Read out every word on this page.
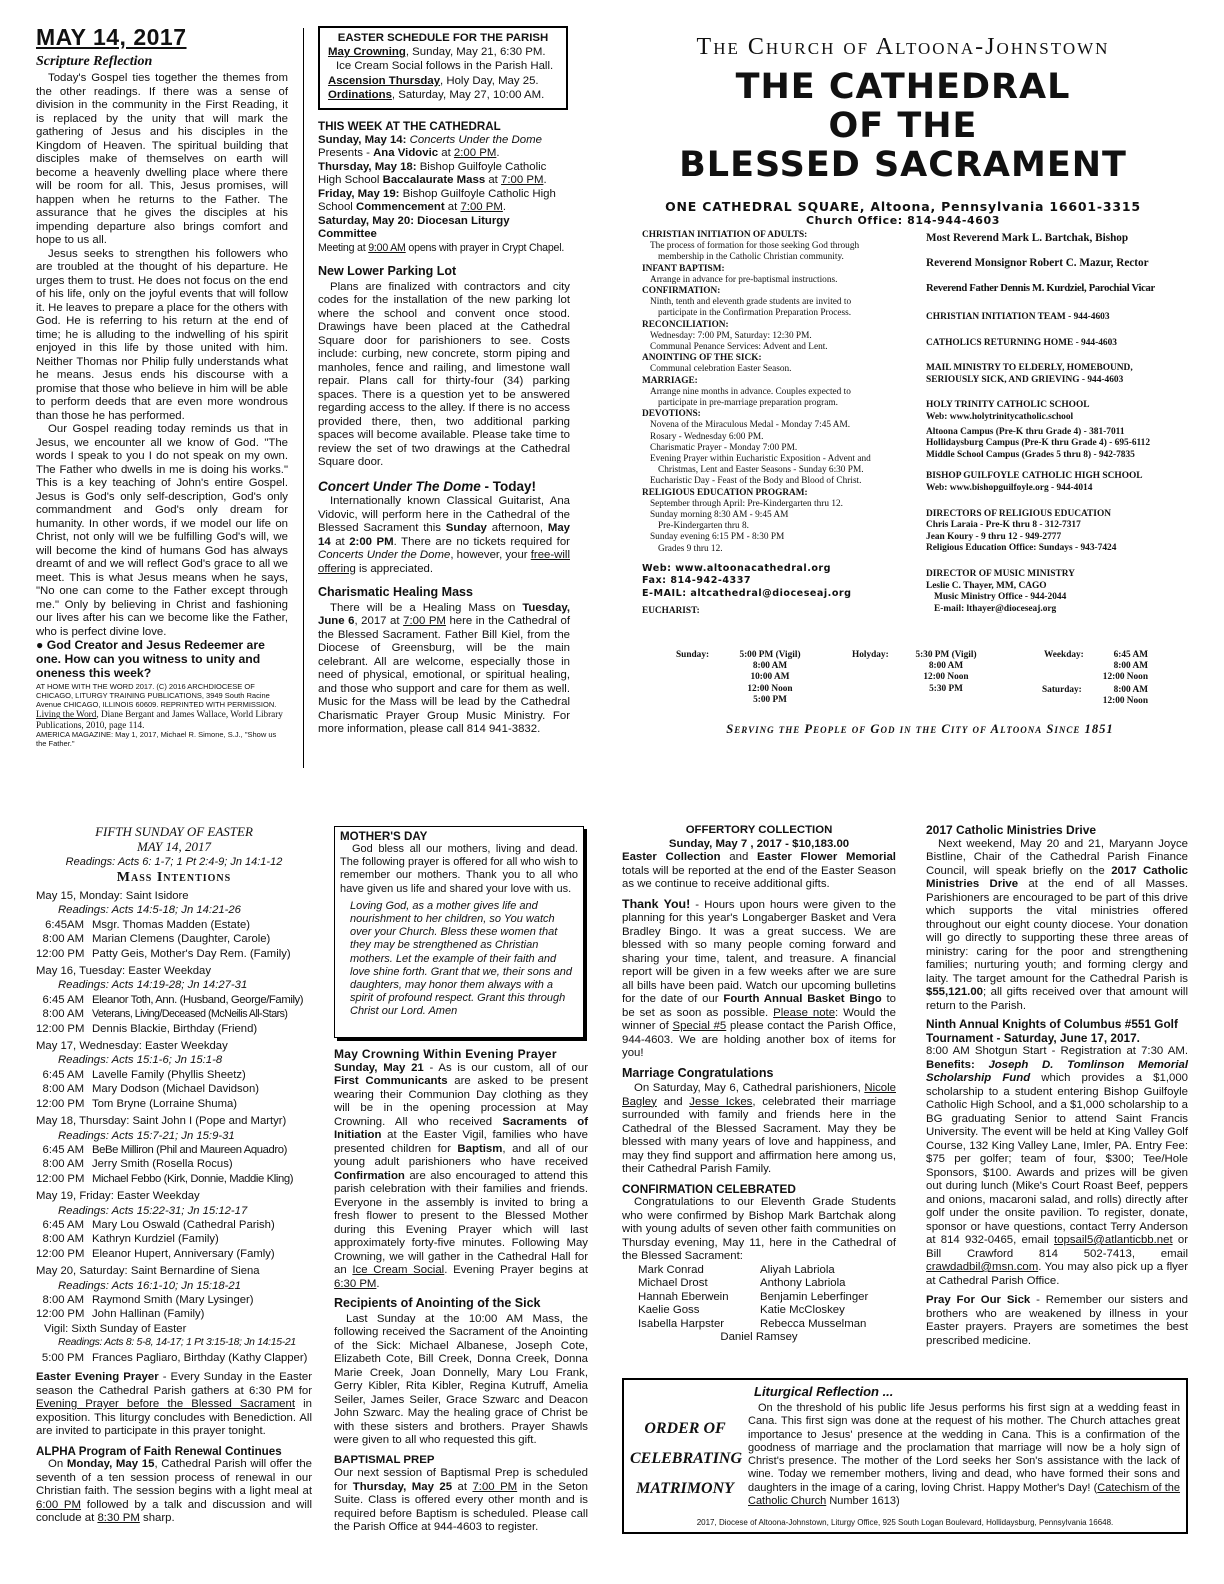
MAY 14, 2017
Scripture Reflection

Today's Gospel ties together the themes from the other readings. If there was a sense of division in the community in the First Reading, it is replaced by the unity that will mark the gathering of Jesus and his disciples in the Kingdom of Heaven. The spiritual building that disciples make of themselves on earth will become a heavenly dwelling place where there will be room for all. This, Jesus promises, will happen when he returns to the Father. The assurance that he gives the disciples at his impending departure also brings comfort and hope to us all.

Jesus seeks to strengthen his followers who are troubled at the thought of his departure. He urges them to trust. He does not focus on the end of his life, only on the joyful events that will follow it. He leaves to prepare a place for the others with God. He is referring to his return at the end of time; he is alluding to the indwelling of his spirit enjoyed in this life by those united with him. Neither Thomas nor Philip fully understands what he means. Jesus ends his discourse with a promise that those who believe in him will be able to perform deeds that are even more wondrous than those he has performed.

Our Gospel reading today reminds us that in Jesus, we encounter all we know of God. "The words I speak to you I do not speak on my own. The Father who dwells in me is doing his works." This is a key teaching of John's entire Gospel. Jesus is God's only self-description, God's only commandment and God's only dream for humanity. In other words, if we model our life on Christ, not only will we be fulfilling God's will, we will become the kind of humans God has always dreamt of and we will reflect God's grace to all we meet. This is what Jesus means when he says, "No one can come to the Father except through me." Only by believing in Christ and fashioning our lives after his can we become like the Father, who is perfect divine love.

● God Creator and Jesus Redeemer are one. How can you witness to unity and oneness this week?

AT HOME WITH THE WORD 2017. (C) 2016 ARCHDIOCESE OF CHICAGO, LITURGY TRAINING PUBLICATIONS, 3949 South Racine Avenue CHICAGO, ILLINOIS 60609. REPRINTED WITH PERMISSION.
Living the Word, Diane Bergant and James Wallace, World Library Publications, 2010, page 114.
AMERICA MAGAZINE: May 1, 2017, Michael R. Simone, S.J., "Show us the Father."
EASTER SCHEDULE FOR THE PARISH
May Crowning, Sunday, May 21, 6:30 PM.
Ice Cream Social follows in the Parish Hall.
Ascension Thursday, Holy Day, May 25.
Ordinations, Saturday, May 27, 10:00 AM.
THIS WEEK AT THE CATHEDRAL
Sunday, May 14: Concerts Under the Dome Presents - Ana Vidovic at 2:00 PM.
Thursday, May 18: Bishop Guilfoyle Catholic High School Baccalaurate Mass at 7:00 PM.
Friday, May 19: Bishop Guilfoyle Catholic High School Commencement at 7:00 PM.
Saturday, May 20: Diocesan Liturgy Committee
Meeting at 9:00 AM opens with prayer in Crypt Chapel.
New Lower Parking Lot

Plans are finalized with contractors and city codes for the installation of the new parking lot where the school and convent once stood. Drawings have been placed at the Cathedral Square door for parishioners to see. Costs include: curbing, new concrete, storm piping and manholes, fence and railing, and limestone wall repair. Plans call for thirty-four (34) parking spaces. There is a question yet to be answered regarding access to the alley. If there is no access provided there, then, two additional parking spaces will become available. Please take time to review the set of two drawings at the Cathedral Square door.

Concert Under The Dome - Today!

Internationally known Classical Guitarist, Ana Vidovic, will perform here in the Cathedral of the Blessed Sacrament this Sunday afternoon, May 14 at 2:00 PM. There are no tickets required for Concerts Under the Dome, however, your free-will offering is appreciated.

Charismatic Healing Mass

There will be a Healing Mass on Tuesday, June 6, 2017 at 7:00 PM here in the Cathedral of the Blessed Sacrament. Father Bill Kiel, from the Diocese of Greensburg, will be the main celebrant. All are welcome, especially those in need of physical, emotional, or spiritual healing, and those who support and care for them as well. Music for the Mass will be lead by the Cathedral Charismatic Prayer Group Music Ministry. For more information, please call 814 941-3832.

The Church of Altoona-Johnstown
THE CATHEDRAL
OF THE
BLESSED SACRAMENT
ONE CATHEDRAL SQUARE, Altoona, Pennsylvania 16601-3315
Church Office: 814-944-4603
CHRISTIAN INITIATION OF ADULTS:
The process of formation for those seeking God through
membership in the Catholic Christian community.
INFANT BAPTISM:
Arrange in advance for pre-baptismal instructions.
CONFIRMATION:
Ninth, tenth and eleventh grade students are invited to
participate in the Confirmation Preparation Process.
RECONCILIATION:
Wednesday: 7:00 PM, Saturday: 12:30 PM.
Communal Penance Services: Advent and Lent.
ANOINTING OF THE SICK:
Communal celebration Easter Season.
MARRIAGE:
Arrange nine months in advance. Couples expected to
participate in pre-marriage preparation program.
DEVOTIONS:
Novena of the Miraculous Medal - Monday 7:45 AM.
Rosary - Wednesday 6:00 PM.
Charismatic Prayer - Monday 7:00 PM.
Evening Prayer within Eucharistic Exposition - Advent and
Christmas, Lent and Easter Seasons - Sunday 6:30 PM.
Eucharistic Day - Feast of the Body and Blood of Christ.
RELIGIOUS EDUCATION PROGRAM:
September through April: Pre-Kindergarten thru 12.
Sunday morning 8:30 AM - 9:45 AM
Pre-Kindergarten thru 8.
Sunday evening 6:15 PM - 8:30 PM
Grades 9 thru 12.
Web: www.altoonacathedral.org
Fax: 814-942-4337
E-MAIL: altcathedral@dioceseaj.org
EUCHARIST:
Most Reverend Mark L. Bartchak, Bishop
Reverend Monsignor Robert C. Mazur, Rector
Reverend Father Dennis M. Kurdziel, Parochial Vicar
CHRISTIAN INITIATION TEAM - 944-4603
CATHOLICS RETURNING HOME - 944-4603
MAIL MINISTRY TO ELDERLY, HOMEBOUND,
SERIOUSLY SICK, AND GRIEVING - 944-4603
HOLY TRINITY CATHOLIC SCHOOL
Web: www.holytrinitycatholic.school
Altoona Campus (Pre-K thru Grade 4) - 381-7011
Hollidaysburg Campus (Pre-K thru Grade 4) - 695-6112
Middle School Campus (Grades 5 thru 8) - 942-7835
BISHOP GUILFOYLE CATHOLIC HIGH SCHOOL
Web: www.bishopguilfoyle.org - 944-4014
DIRECTORS OF RELIGIOUS EDUCATION
Chris Laraia - Pre-K thru 8 - 312-7317
Jean Koury - 9 thru 12 - 949-2777
Religious Education Office: Sundays - 943-7424
DIRECTOR OF MUSIC MINISTRY
Leslie C. Thayer, MM, CAGO
Music Ministry Office - 944-2044
E-mail: lthayer@dioceseaj.org
Sunday:	5:00 PM (Vigil)
8:00 AM
10:00 AM
12:00 Noon
5:00 PM
Holyday:	5:30 PM (Vigil)
8:00 AM
12:00 Noon
5:30 PM
Weekday:	6:45 AM
8:00 AM
12:00 Noon
Saturday:	8:00 AM
12:00 Noon
Serving the People of God in the City of Altoona Since 1851
FIFTH SUNDAY OF EASTER
MAY 14, 2017
Readings: Acts 6: 1-7; 1 Pt 2:4-9; Jn 14:1-12
Mass Intentions
May 15, Monday: Saint Isidore
Readings: Acts 14:5-18; Jn 14:21-26
6:45AM Msgr. Thomas Madden (Estate)
8:00 AM Marian Clemens (Daughter, Carole)
12:00 PM Patty Geis, Mother's Day Rem. (Family)
May 16, Tuesday: Easter Weekday
Readings: Acts 14:19-28; Jn 14:27-31
6:45 AM Eleanor Toth, Ann. (Husband, George/Family)
8:00 AM Veterans, Living/Deceased (McNeilis All-Stars)
12:00 PM Dennis Blackie, Birthday (Friend)
May 17, Wednesday: Easter Weekday
Readings: Acts 15:1-6; Jn 15:1-8
6:45 AM Lavelle Family (Phyllis Sheetz)
8:00 AM Mary Dodson (Michael Davidson)
12:00 PM Tom Bryne (Lorraine Shuma)
May 18, Thursday: Saint John I (Pope and Martyr)
Readings: Acts 15:7-21; Jn 15:9-31
6:45 AM BeBe Milliron (Phil and Maureen Aquadro)
8:00 AM Jerry Smith (Rosella Rocus)
12:00 PM Michael Febbo (Kirk, Donnie, Maddie Kling)
May 19, Friday: Easter Weekday
Readings: Acts 15:22-31; Jn 15:12-17
6:45 AM Mary Lou Oswald (Cathedral Parish)
8:00 AM Kathryn Kurdziel (Family)
12:00 PM Eleanor Hupert, Anniversary (Famly)
May 20, Saturday: Saint Bernardine of Siena
Readings: Acts 16:1-10; Jn 15:18-21
8:00 AM Raymond Smith (Mary Lysinger)
12:00 PM John Hallinan (Family)
Vigil: Sixth Sunday of Easter
Readings: Acts 8: 5-8, 14-17; 1 Pt 3:15-18; Jn 14:15-21
5:00 PM Frances Pagliaro, Birthday (Kathy Clapper)

Easter Evening Prayer - Every Sunday in the Easter season the Cathedral Parish gathers at 6:30 PM for Evening Prayer before the Blessed Sacrament in exposition. This liturgy concludes with Benediction. All are invited to participate in this prayer tonight.

ALPHA Program of Faith Renewal Continues

On Monday, May 15, Cathedral Parish will offer the seventh of a ten session process of renewal in our Christian faith. The session begins with a light meal at 6:00 PM followed by a talk and discussion and will conclude at 8:30 PM sharp.

MOTHER'S DAY

God bless all our mothers, living and dead. The following prayer is offered for all who wish to remember our mothers. Thank you to all who have given us life and shared your love with us.

Loving God, as a mother gives life and nourishment to her children, so You watch over your Church. Bless these women that they may be strengthened as Christian mothers. Let the example of their faith and love shine forth. Grant that we, their sons and daughters, may honor them always with a spirit of profound respect. Grant this through Christ our Lord. Amen
May Crowning Within Evening Prayer

Sunday, May 21 - As is our custom, all of our First Communicants are asked to be present wearing their Communion Day clothing as they will be in the opening procession at May Crowning. All who received Sacraments of Initiation at the Easter Vigil, families who have presented children for Baptism, and all of our young adult parishioners who have received Confirmation are also encouraged to attend this parish celebration with their families and friends. Everyone in the assembly is invited to bring a fresh flower to present to the Blessed Mother during this Evening Prayer which will last approximately forty-five minutes. Following May Crowning, we will gather in the Cathedral Hall for an Ice Cream Social. Evening Prayer begins at 6:30 PM.

Recipients of Anointing of the Sick

Last Sunday at the 10:00 AM Mass, the following received the Sacrament of the Anointing of the Sick: Michael Albanese, Joseph Cote, Elizabeth Cote, Bill Creek, Donna Creek, Donna Marie Creek, Joan Donnelly, Mary Lou Frank, Gerry Kibler, Rita Kibler, Regina Kutruff, Amelia Seiler, James Seiler, Grace Szwarc and Deacon John Szwarc. May the healing grace of Christ be with these sisters and brothers. Prayer Shawls were given to all who requested this gift.

BAPTISMAL PREP

Our next session of Baptismal Prep is scheduled for Thursday, May 25 at 7:00 PM in the Seton Suite. Class is offered every other month and is required before Baptism is scheduled. Please call the Parish Office at 944-4603 to register.

OFFERTORY COLLECTION
Sunday, May 7 , 2017 - $10,183.00

Easter Collection and Easter Flower Memorial totals will be reported at the end of the Easter Season as we continue to receive additional gifts.

Thank You! - Hours upon hours were given to the planning for this year's Longaberger Basket and Vera Bradley Bingo. It was a great success. We are blessed with so many people coming forward and sharing your time, talent, and treasure. A financial report will be given in a few weeks after we are sure all bills have been paid. Watch our upcoming bulletins for the date of our Fourth Annual Basket Bingo to be set as soon as possible. Please note: Would the winner of Special #5 please contact the Parish Office, 944-4603. We are holding another box of items for you!

Marriage Congratulations

On Saturday, May 6, Cathedral parishioners, Nicole Bagley and Jesse Ickes, celebrated their marriage surrounded with family and friends here in the Cathedral of the Blessed Sacrament. May they be blessed with many years of love and happiness, and may they find support and affirmation here among us, their Cathedral Parish Family.

CONFIRMATION CELEBRATED

Congratulations to our Eleventh Grade Students who were confirmed by Bishop Mark Bartchak along with young adults of seven other faith communities on Thursday evening, May 11, here in the Cathedral of the Blessed Sacrament:

Mark Conrad	Aliyah Labriola
Michael Drost	Anthony Labriola
Hannah Eberwein	Benjamin Leberfinger
Kaelie Goss	Katie McCloskey
Isabella Harpster	Rebecca Musselman
Daniel Ramsey
2017 Catholic Ministries Drive

Next weekend, May 20 and 21, Maryann Joyce Bistline, Chair of the Cathedral Parish Finance Council, will speak briefly on the 2017 Catholic Ministries Drive at the end of all Masses. Parishioners are encouraged to be part of this drive which supports the vital ministries offered throughout our eight county diocese. Your donation will go directly to supporting these three areas of ministry: caring for the poor and strengthening families; nurturing youth; and forming clergy and laity. The target amount for the Cathedral Parish is $55,121.00; all gifts received over that amount will return to the Parish.

Ninth Annual Knights of Columbus #551 Golf Tournament - Saturday, June 17, 2017.

8:00 AM Shotgun Start - Registration at 7:30 AM. Benefits: Joseph D. Tomlinson Memorial Scholarship Fund which provides a $1,000 scholarship to a student entering Bishop Guilfoyle Catholic High School, and a $1,000 scholarship to a BG graduating Senior to attend Saint Francis University. The event will be held at King Valley Golf Course, 132 King Valley Lane, Imler, PA. Entry Fee: $75 per golfer; team of four, $300; Tee/Hole Sponsors, $100. Awards and prizes will be given out during lunch (Mike's Court Roast Beef, peppers and onions, macaroni salad, and rolls) directly after golf under the onsite pavilion. To register, donate, sponsor or have questions, contact Terry Anderson at 814 932-0465, email topsail5@atlanticbb.net or Bill Crawford 814 502-7413, email crawdadbil@msn.com. You may also pick up a flyer at Cathedral Parish Office.

Pray For Our Sick - Remember our sisters and brothers who are weakened by illness in your Easter prayers. Prayers are sometimes the best prescribed medicine.

Liturgical Reflection ...
ORDER OF
CELEBRATING
MATRIMONY
On the threshold of his public life Jesus performs his first sign at a wedding feast in Cana. This first sign was done at the request of his mother. The Church attaches great importance to Jesus' presence at the wedding in Cana. This is a confirmation of the goodness of marriage and the proclamation that marriage will now be a holy sign of Christ's presence. The mother of the Lord seeks her Son's assistance with the lack of wine. Today we remember mothers, living and dead, who have formed their sons and daughters in the image of a caring, loving Christ. Happy Mother's Day! (Catechism of the Catholic Church Number 1613)
2017, Diocese of Altoona-Johnstown, Liturgy Office, 925 South Logan Boulevard, Hollidaysburg, Pennsylvania 16648.
